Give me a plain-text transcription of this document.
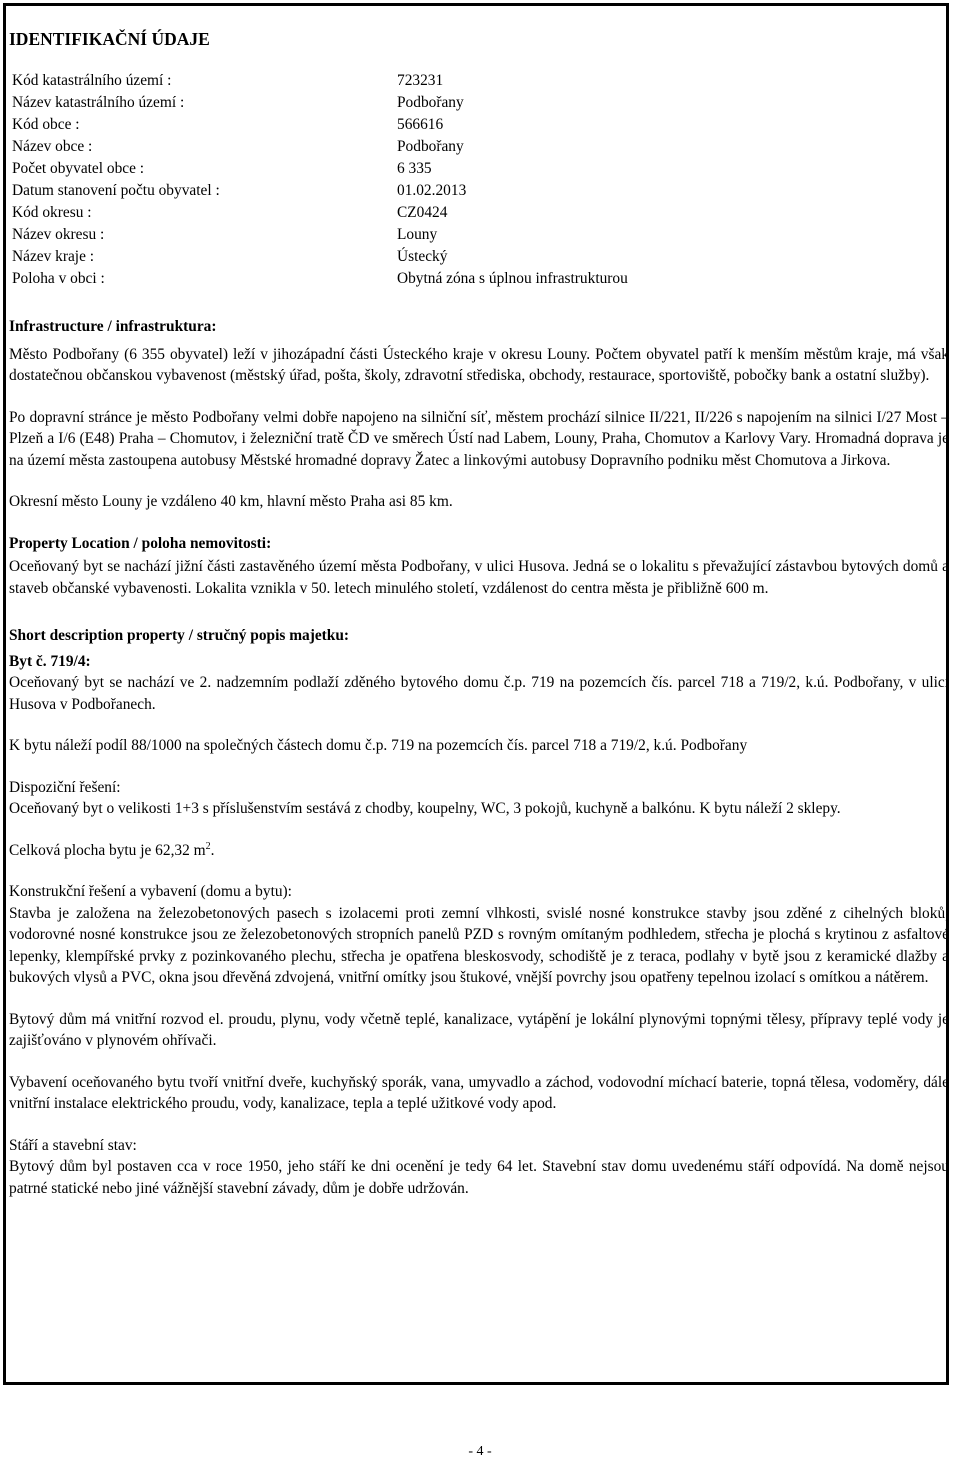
IDENTIFIKAČNÍ ÚDAJE
Kód katastrálního území :	723231
Název katastrálního území :	Podbořany
Kód obce :	566616
Název obce :	Podbořany
Počet obyvatel obce :	6 335
Datum stanovení počtu obyvatel :	01.02.2013
Kód okresu :	CZ0424
Název okresu :	Louny
Název kraje :	Ústecký
Poloha v obci :	Obytná zóna s úplnou infrastrukturou
Infrastructure / infrastruktura:

Město Podbořany (6 355 obyvatel) leží v jihozápadní části Ústeckého kraje v okresu Louny. Počtem obyvatel patří k menším městům kraje, má však dostatečnou občanskou vybavenost (městský úřad, pošta, školy, zdravotní střediska, obchody, restaurace, sportoviště, pobočky bank a ostatní služby).

Po dopravní stránce je město Podbořany velmi dobře napojeno na silniční síť, městem prochází silnice II/221, II/226 s napojením na silnici I/27 Most – Plzeň a I/6 (E48) Praha – Chomutov, i železniční tratě ČD ve směrech Ústí nad Labem, Louny, Praha, Chomutov a Karlovy Vary. Hromadná doprava je na území města zastoupena autobusy Městské hromadné dopravy Žatec a linkovými autobusy Dopravního podniku měst Chomutova a Jirkova.

Okresní město Louny je vzdáleno 40 km, hlavní město Praha asi 85 km.

Property Location / poloha nemovitosti:

Oceňovaný byt se nachází jižní části zastavěného území města Podbořany, v ulici Husova. Jedná se o lokalitu s převažující zástavbou bytových domů a staveb občanské vybavenosti. Lokalita vznikla v 50. letech minulého století, vzdálenost do centra města je přibližně 600 m.

Short description property / stručný popis majetku:
Byt č. 719/4:

Oceňovaný byt se nachází ve 2. nadzemním podlaží zděného bytového domu č.p. 719 na pozemcích čís. parcel 718 a 719/2, k.ú. Podbořany, v ulici Husova v Podbořanech.

K bytu náleží podíl 88/1000 na společných částech domu č.p. 719 na pozemcích čís. parcel 718 a 719/2, k.ú. Podbořany

Dispoziční řešení:

Oceňovaný byt o velikosti 1+3 s příslušenstvím sestává z chodby, koupelny, WC, 3 pokojů, kuchyně a balkónu. K bytu náleží 2 sklepy.

Celková plocha bytu je 62,32 $m^2$.

Konstrukční řešení a vybavení (domu a bytu):

Stavba je založena na železobetonových pasech s izolacemi proti zemní vlhkosti, svislé nosné konstrukce stavby jsou zděné z cihelných bloků, vodorovné nosné konstrukce jsou ze železobetonových stropních panelů PZD s rovným omítaným podhledem, střecha je plochá s krytinou z asfaltové lepenky, klempířské prvky z pozinkovaného plechu, střecha je opatřena bleskosvody, schodiště je z teraca, podlahy v bytě jsou z keramické dlažby a bukových vlysů a PVC, okna jsou dřevěná zdvojená, vnitřní omítky jsou štukové, vnější povrchy jsou opatřeny tepelnou izolací s omítkou a nátěrem.

Bytový dům má vnitřní rozvod el. proudu, plynu, vody včetně teplé, kanalizace, vytápění je lokální plynovými topnými tělesy, přípravy teplé vody je zajišťováno v plynovém ohřívači.

Vybavení oceňovaného bytu tvoří vnitřní dveře, kuchyňský sporák, vana, umyvadlo a záchod, vodovodní míchací baterie, topná tělesa, vodoměry, dále vnitřní instalace elektrického proudu, vody, kanalizace, tepla a teplé užitkové vody apod.

Stáří a stavební stav:

Bytový dům byl postaven cca v roce 1950, jeho stáří ke dni ocenění je tedy 64 let. Stavební stav domu uvedenému stáří odpovídá. Na domě nejsou patrné statické nebo jiné vážnější stavební závady, dům je dobře udržován.

- 4 -
